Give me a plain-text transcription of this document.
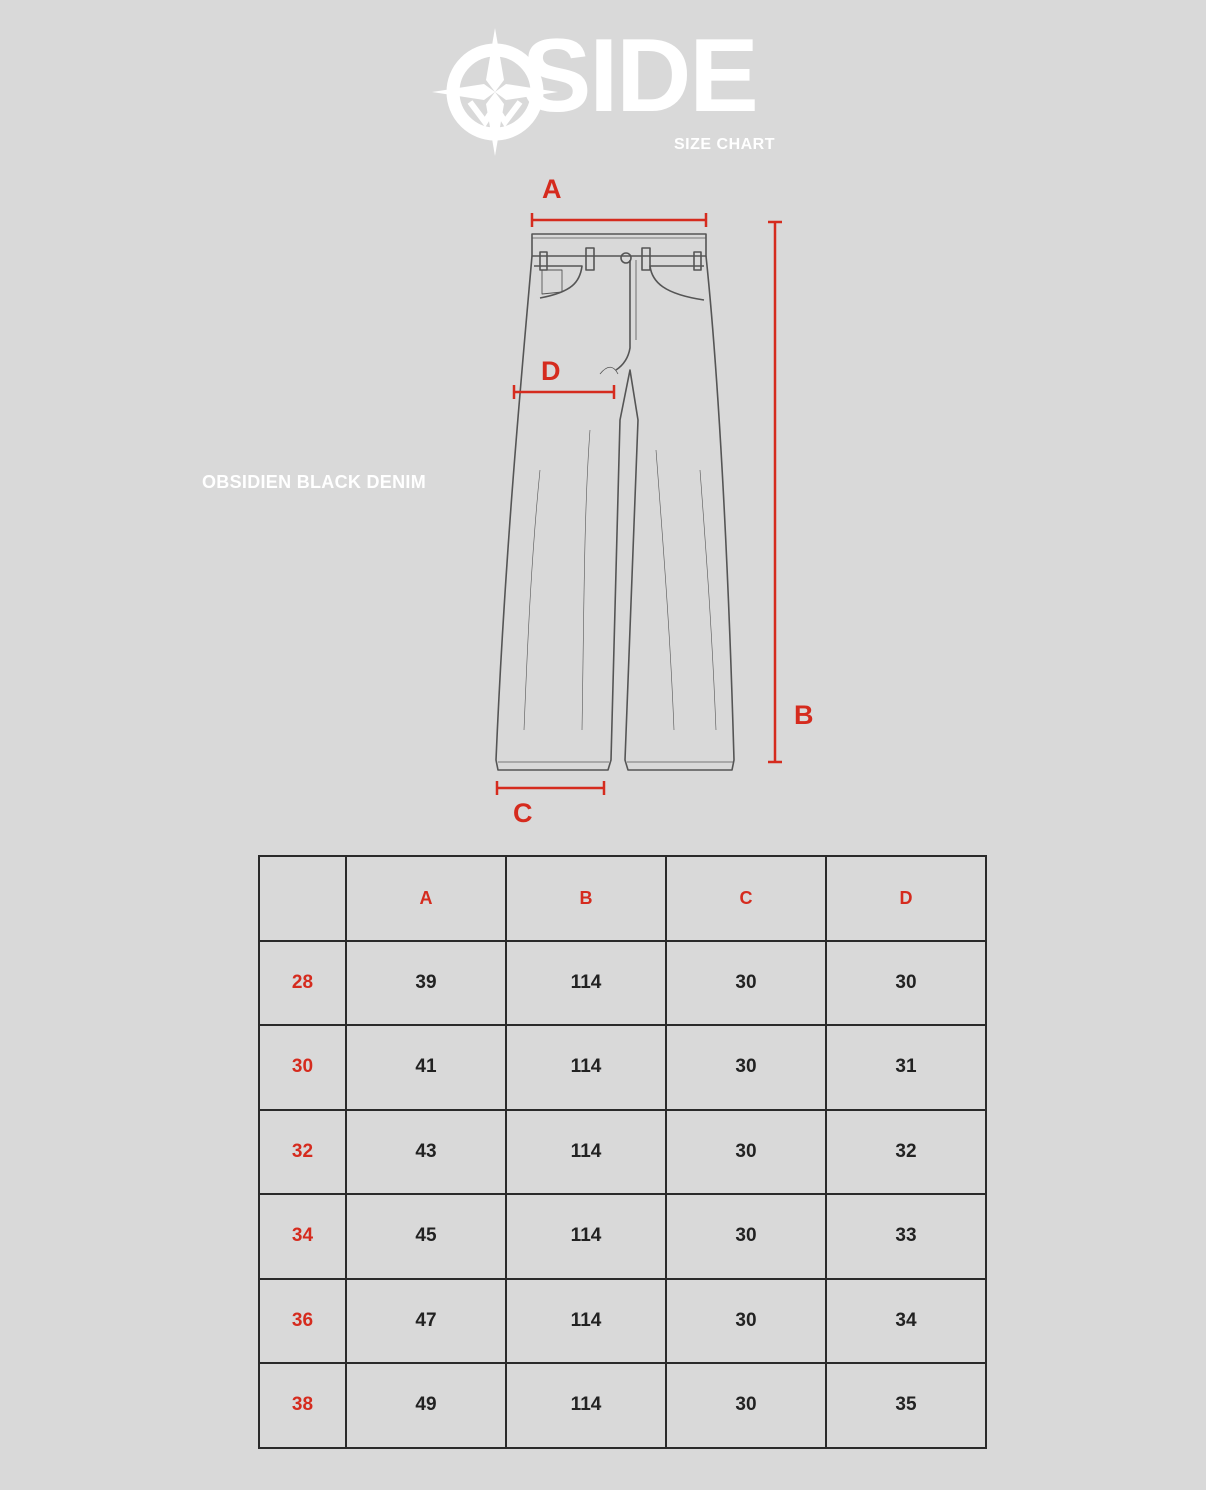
SIDE
SIZE CHART
OBSIDIEN BLACK DENIM
A
D
B
C
	A	B	C	D
28	39	114	30	30
30	41	114	30	31
32	43	114	30	32
34	45	114	30	33
36	47	114	30	34
38	49	114	30	35
